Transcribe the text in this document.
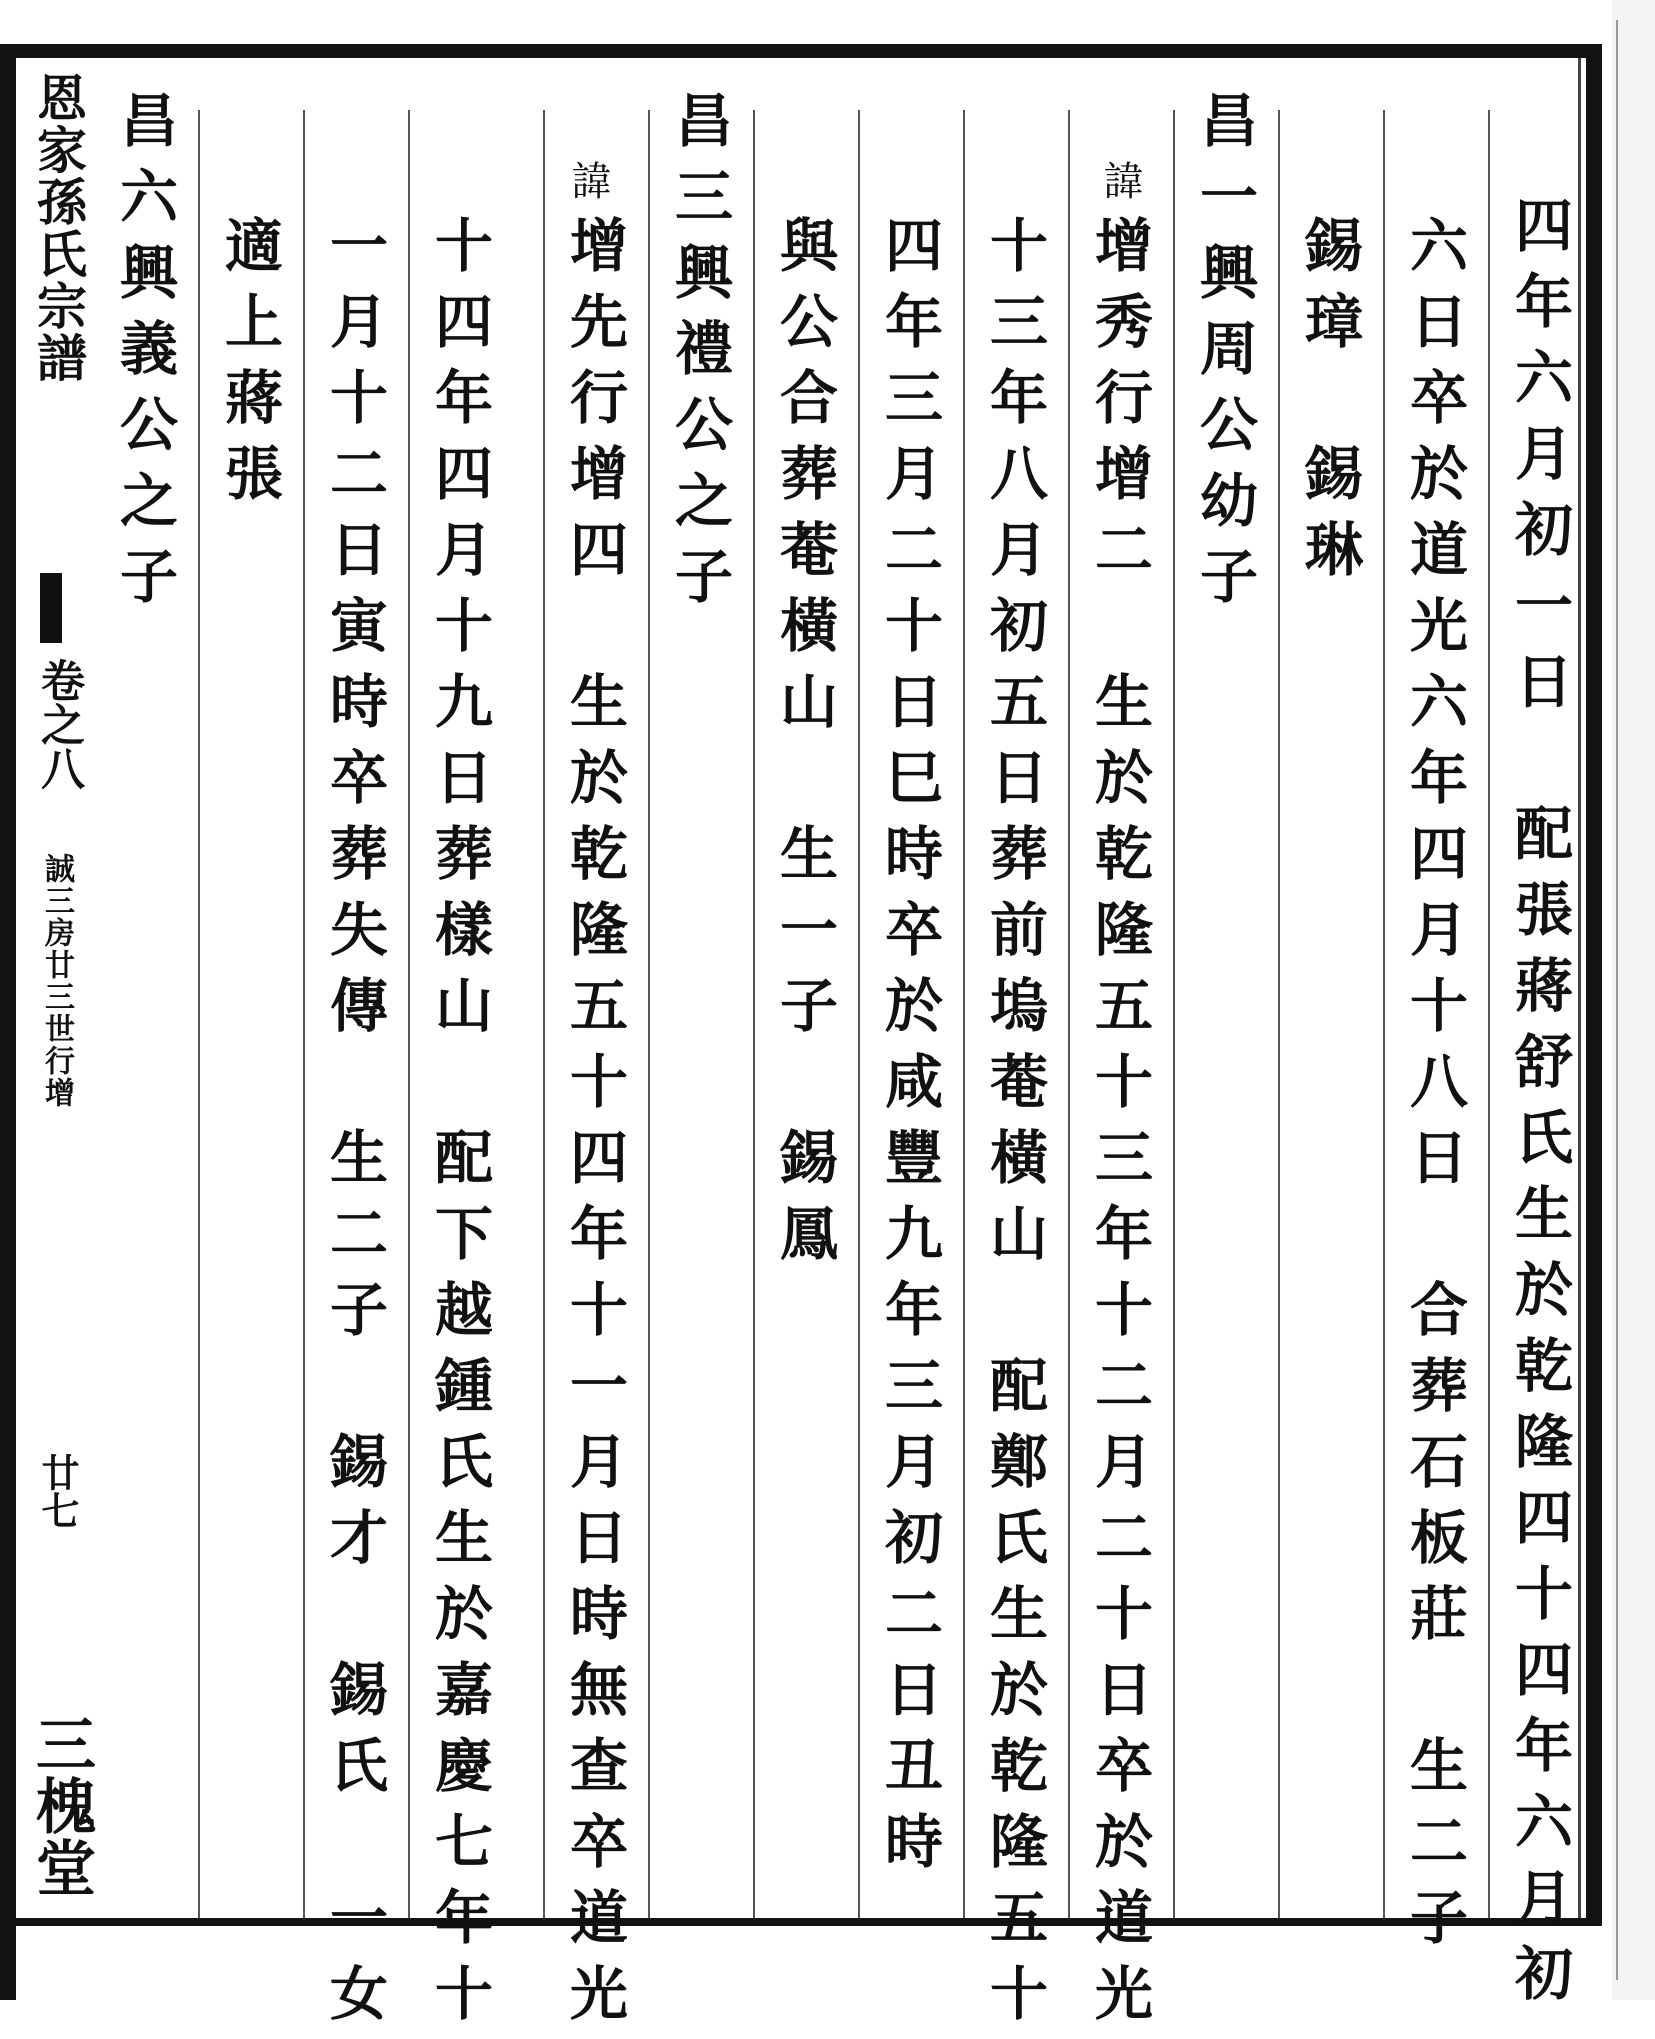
恩家孫氏宗譜
卷之八
誠三房廿三世行增
廿七
三槐堂	四年六月初一日　配張蔣舒氏生於乾隆四十四年六月初
六日卒於道光六年四月十八日　合葬石板莊　生二子
錫璋　錫琳
昌一興周公幼子
諱
增秀行增二　生於乾隆五十三年十二月二十日卒於道光
十三年八月初五日葬前塢菴橫山　配鄭氏生於乾隆五十
四年三月二十日巳時卒於咸豐九年三月初二日丑時
與公合葬菴橫山　生一子　錫鳳
昌三興禮公之子
諱
增先行增四　生於乾隆五十四年十一月日時無查卒道光
十四年四月十九日葬樣山　配下越鍾氏生於嘉慶七年十
一月十二日寅時卒葬失傳　生二子　錫才　錫氏　一女
適上蔣張
昌六興義公之子
